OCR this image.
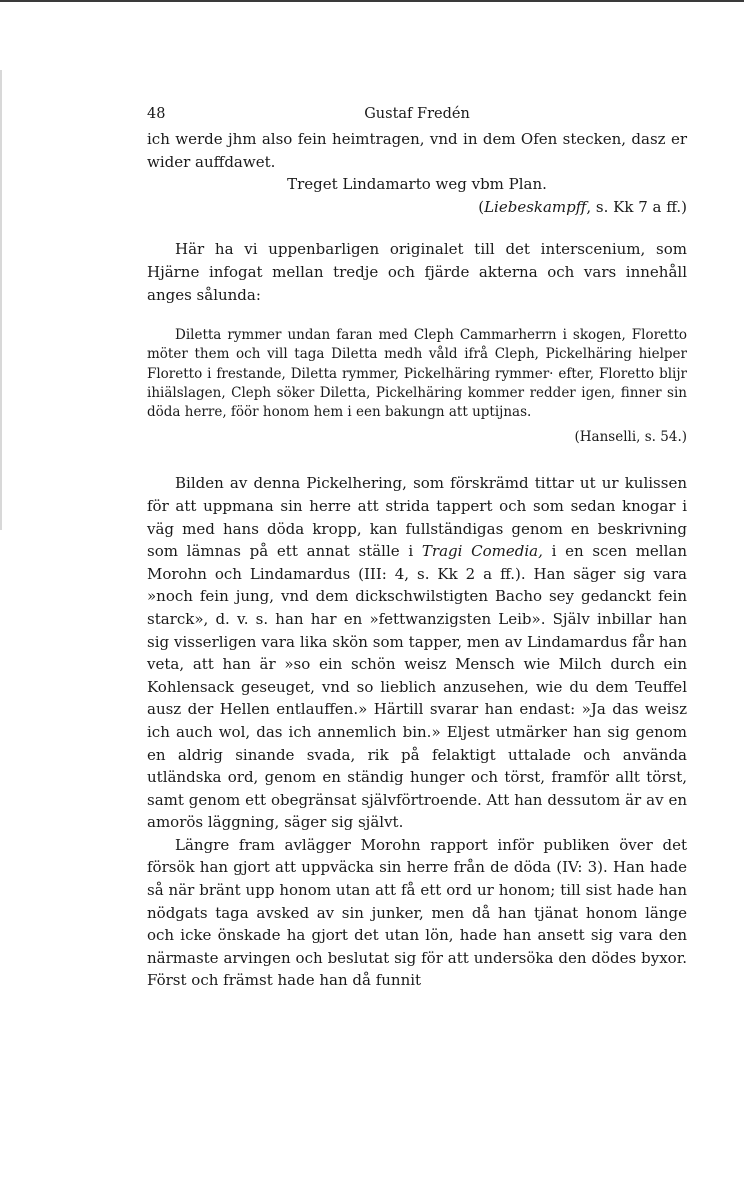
48	Gustaf Fredén

ich werde jhm also fein heimtragen, vnd in dem Ofen stecken, dasz er wider auffdawet.

Treget Lindamarto weg vbm Plan.

(Liebeskampff, s. Kk 7 a ff.)

Här ha vi uppenbarligen originalet till det interscenium, som Hjärne infogat mellan tredje och fjärde akterna och vars innehåll anges sålunda:

Diletta rymmer undan faran med Cleph Cammarherrn i skogen, Floretto möter them och vill taga Diletta medh våld ifrå Cleph, Pickelhäring hielper Floretto i frestande, Diletta rymmer, Pickelhäring rymmer· efter, Floretto blijr ihiälslagen, Cleph söker Diletta, Pickelhäring kommer redder igen, finner sin döda herre, föör honom hem i een bakungn att uptijnas.

(Hanselli, s. 54.)

Bilden av denna Pickelhering, som förskrämd tittar ut ur kulissen för att uppmana sin herre att strida tappert och som sedan knogar i väg med hans döda kropp, kan fullständigas genom en beskrivning som lämnas på ett annat ställe i Tragi Comedia, i en scen mellan Morohn och Lindamardus (III: 4, s. Kk 2 a ff.). Han säger sig vara »noch fein jung, vnd dem dickschwilstigten Bacho sey gedanckt fein starck», d. v. s. han har en »fettwanzigsten Leib». Själv inbillar han sig visserligen vara lika skön som tapper, men av Lindamardus får han veta, att han är »so ein schön weisz Mensch wie Milch durch ein Kohlensack geseuget, vnd so lieblich anzusehen, wie du dem Teuffel ausz der Hellen entlauffen.» Härtill svarar han endast: »Ja das weisz ich auch wol, das ich annemlich bin.» Eljest utmärker han sig genom en aldrig sinande svada, rik på felaktigt uttalade och använda utländska ord, genom en ständig hunger och törst, framför allt törst, samt genom ett obegränsat självförtroende. Att han dessutom är av en amorös läggning, säger sig självt.

Längre fram avlägger Morohn rapport inför publiken över det försök han gjort att uppväcka sin herre från de döda (IV: 3). Han hade så när bränt upp honom utan att få ett ord ur honom; till sist hade han nödgats taga avsked av sin junker, men då han tjänat honom länge och icke önskade ha gjort det utan lön, hade han ansett sig vara den närmaste arvingen och beslutat sig för att undersöka den dödes byxor. Först och främst hade han då funnit
